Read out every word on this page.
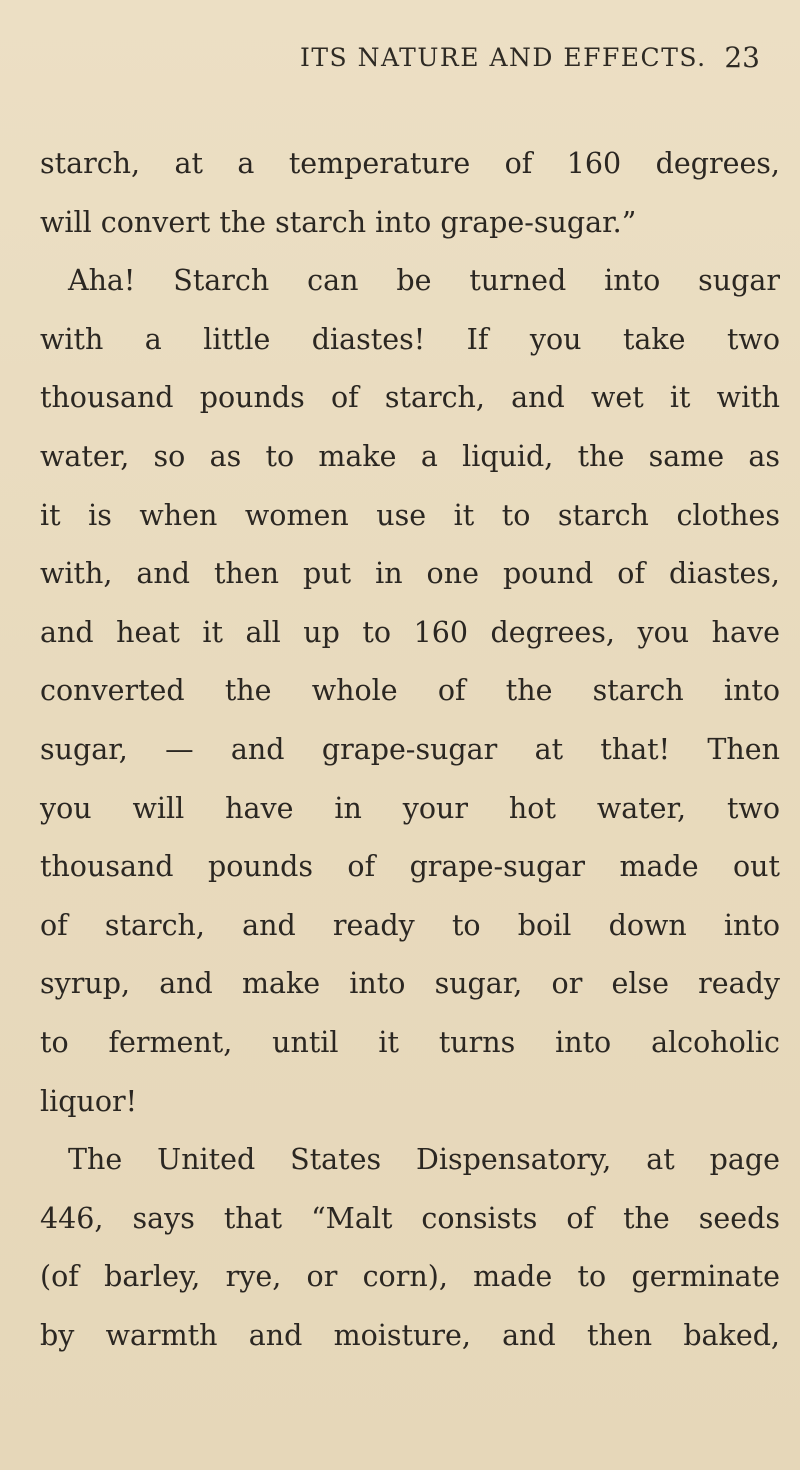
ITS NATURE AND EFFECTS. 23
starch, at a temperature of 160 degrees,
will convert the starch into grape-sugar.”
Aha! Starch can be turned into sugar
with a little diastes! If you take two
thousand pounds of starch, and wet it with
water, so as to make a liquid, the same as
it is when women use it to starch clothes
with, and then put in one pound of diastes,
and heat it all up to 160 degrees, you have
converted the whole of the starch into
sugar, — and grape-sugar at that! Then
you will have in your hot water, two
thousand pounds of grape-sugar made out
of starch, and ready to boil down into
syrup, and make into sugar, or else ready
to ferment, until it turns into alcoholic
liquor!
The United States Dispensatory, at page
446, says that “Malt consists of the seeds
(of barley, rye, or corn), made to germinate
by warmth and moisture, and then baked,
